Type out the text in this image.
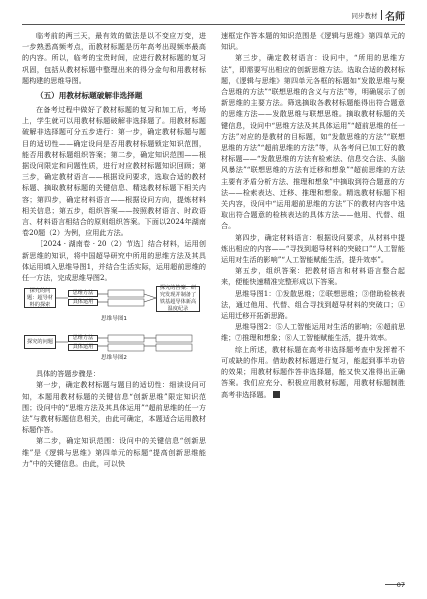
同步教材 名师

临考前的两三天，最有效的做法是以不变应万变，进一步熟悉高频考点，而教材标题是历年高考出现频率最高的内容。所以，临考的宝贵时间，应进行教材标题的复习巩固，包括从教材标题中整理出来的得分金句和用教材标题构建的思维导图。

（五）用教材标题破解非选择题

在备考过程中做好了教材标题的复习和加工后，考场上，学生就可以用教材标题破解非选择题了。用教材标题破解非选择题可分五步进行：第一步，确定教材标题与题目的适切性——确定设问是否用教材标题锁定知识范围，能否用教材标题组织答案；第二步，确定知识范围——根据设问限定和问题性质，进行对应教材标题知识回顾；第三步，确定教材语言——根据设问要求，选取合适的教材标题、摘取教材标题的关键信息、精选教材标题下相关内容；第四步，确定材料语言——根据设问方向，提炼材料相关信息；第五步，组织答案——按照教材语言、时政语言、材料语言相结合的原则组织答案。下面以2024年湖南卷20题（2）为例，应用此方法。

［2024 · 湖南卷 · 20（2）节选］结合材料，运用创新思维的知识，将中国超导研究中所用的思维方法及其具体运用填入思维导图1，并结合生活实际，运用超前思维的任一方法，完成思维导图2。

探究的问题：超导材料的探索
思维方法
具体运用
探究的答案：研究发现并制备了铁基超导体新高温度纪录
思维导图1
探究的问题
思维方法
具体运用
思维导图2

具体的答题步骤是：

第一步，确定教材标题与题目的适切性：细读设问可知，本题用教材标题的关键信息“创新思维”限定知识范围；设问中的“思维方法及其具体运用”“超前思维的任一方法”与教材标题信息相关，由此可确定，本题适合运用教材标题作答。

第二步，确定知识范围：设问中的关键信息“创新思维”是《逻辑与思维》第四单元的标题“提高创新思维能力”中的关键信息。由此，可以快

速框定作答本题的知识范围是《逻辑与思维》第四单元的知识。

第三步，确定教材语言：设问中，“所用的思维方法”，即需要写出相应的创新思维方法。选取合适的教材标题，《逻辑与思维》第四单元各框的标题如“发散思维与聚合思维的方法”“联想思维的含义与方法”等，明确展示了创新思维的主要方法。筛选摘取各教材标题能得出符合题意的思维方法——发散思维与联想思维。摘取教材标题的关键信息，设问中“思维方法及其具体运用”“超前思维的任一方法”对应的是教材的目标题，如“发散思维的方法”“联想思维的方法”“超前思维的方法”等，从各考问已加工好的教材标题——“发散思维的方法有检索法、信息交合法、头脑风暴法”“联想思维的方法有迁移和想象”“超前思维的方法主要有矛盾分析方法、推理和想象”中摘取到符合题意的方法——检索表达、迁移、推理和想象。精选教材标题下相关内容，设问中“运用超前思维的方法”下的教材内容中选取出符合题意的检核表达的具体方法——他用、代替、组合。

第四步，确定材料语言：根据设问要求，从材料中提炼出相应的内容——“寻找到超导材料的突破口”“人工智能运用对生活的影响”“人工智能赋能生活，提升效率”。

第五步，组织答案：把教材语言和材料语言整合起来，便能快速精准完整形成以下答案。

思维导图1：①发散思维；②联想思维；③借助检核表法，通过他用、代替、组合寻找到超导材料的突破口；④运用迁移开拓新思路。

思维导图2：⑤人工智能运用对生活的影响；⑥超前思维；⑦推理和想象；⑧人工智能赋能生活，提升效率。

综上所述，教材标题在高考非选择题考查中发挥着不可或缺的作用。借助教材标题进行复习，能起到事半功倍的效果；用教材标题作答非选择题，能又快又准得出正确答案。我们应充分、积极应用教材标题，用教材标题制胜高考非选择题。	E

07
